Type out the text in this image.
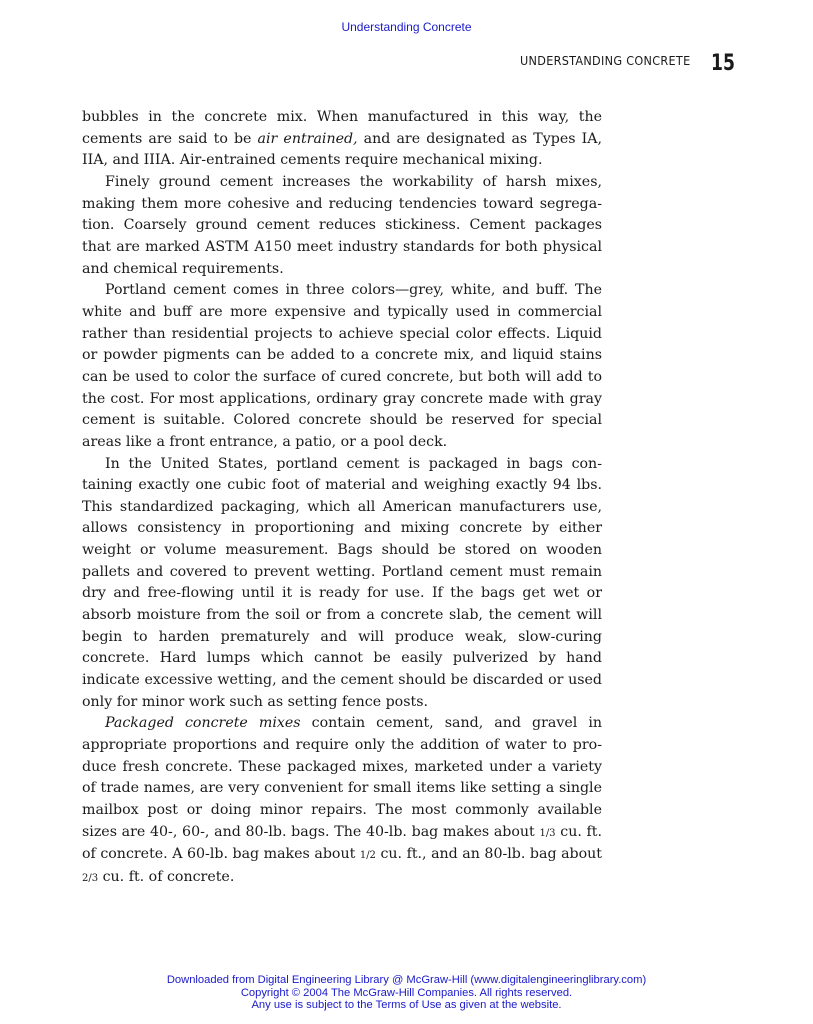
Understanding Concrete
UNDERSTANDING CONCRETE 15

bubbles in the concrete mix. When manufactured in this way, the cements are said to be air entrained, and are designated as Types IA, IIA, and IIIA. Air-entrained cements require mechanical mixing.

Finely ground cement increases the workability of harsh mixes, making them more cohesive and reducing tendencies toward segregation. Coarsely ground cement reduces stickiness. Cement packages that are marked ASTM A150 meet industry standards for both physical and chemical requirements.

Portland cement comes in three colors—grey, white, and buff. The white and buff are more expensive and typically used in commercial rather than residential projects to achieve special color effects. Liquid or powder pigments can be added to a concrete mix, and liquid stains can be used to color the surface of cured concrete, but both will add to the cost. For most applications, ordinary gray concrete made with gray cement is suitable. Colored concrete should be reserved for special areas like a front entrance, a patio, or a pool deck.

In the United States, portland cement is packaged in bags containing exactly one cubic foot of material and weighing exactly 94 lbs. This standardized packaging, which all American manufacturers use, allows consistency in proportioning and mixing concrete by either weight or volume measurement. Bags should be stored on wooden pallets and covered to prevent wetting. Portland cement must remain dry and free-flowing until it is ready for use. If the bags get wet or absorb moisture from the soil or from a concrete slab, the cement will begin to harden prematurely and will produce weak, slow-curing concrete. Hard lumps which cannot be easily pulverized by hand indicate excessive wetting, and the cement should be discarded or used only for minor work such as setting fence posts.

Packaged concrete mixes contain cement, sand, and gravel in appropriate proportions and require only the addition of water to produce fresh concrete. These packaged mixes, marketed under a variety of trade names, are very convenient for small items like setting a single mailbox post or doing minor repairs. The most commonly available sizes are 40-, 60-, and 80-lb. bags. The 40-lb. bag makes about 1/3 cu. ft. of concrete. A 60-lb. bag makes about 1/2 cu. ft., and an 80-lb. bag about 2/3 cu. ft. of concrete.

Downloaded from Digital Engineering Library @ McGraw-Hill (www.digitalengineeringlibrary.com)
Copyright © 2004 The McGraw-Hill Companies. All rights reserved.
Any use is subject to the Terms of Use as given at the website.
